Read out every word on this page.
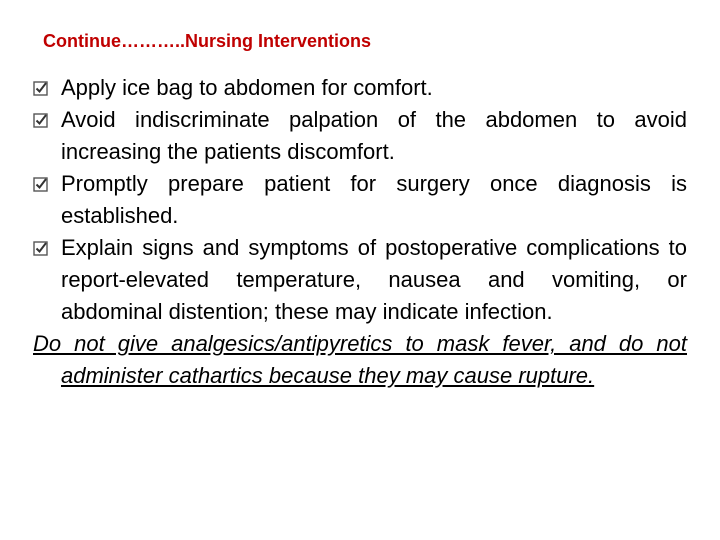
Continue………..Nursing Interventions

Apply ice bag to abdomen for comfort.

Avoid indiscriminate palpation of the abdomen to avoid increasing the patients discomfort.

Promptly prepare patient for surgery once diagnosis is established.

Explain signs and symptoms of postoperative complications to report-elevated temperature, nausea and vomiting, or abdominal distention; these may indicate infection.

Do not give analgesics/antipyretics to mask fever, and do not administer cathartics because they may cause rupture.
